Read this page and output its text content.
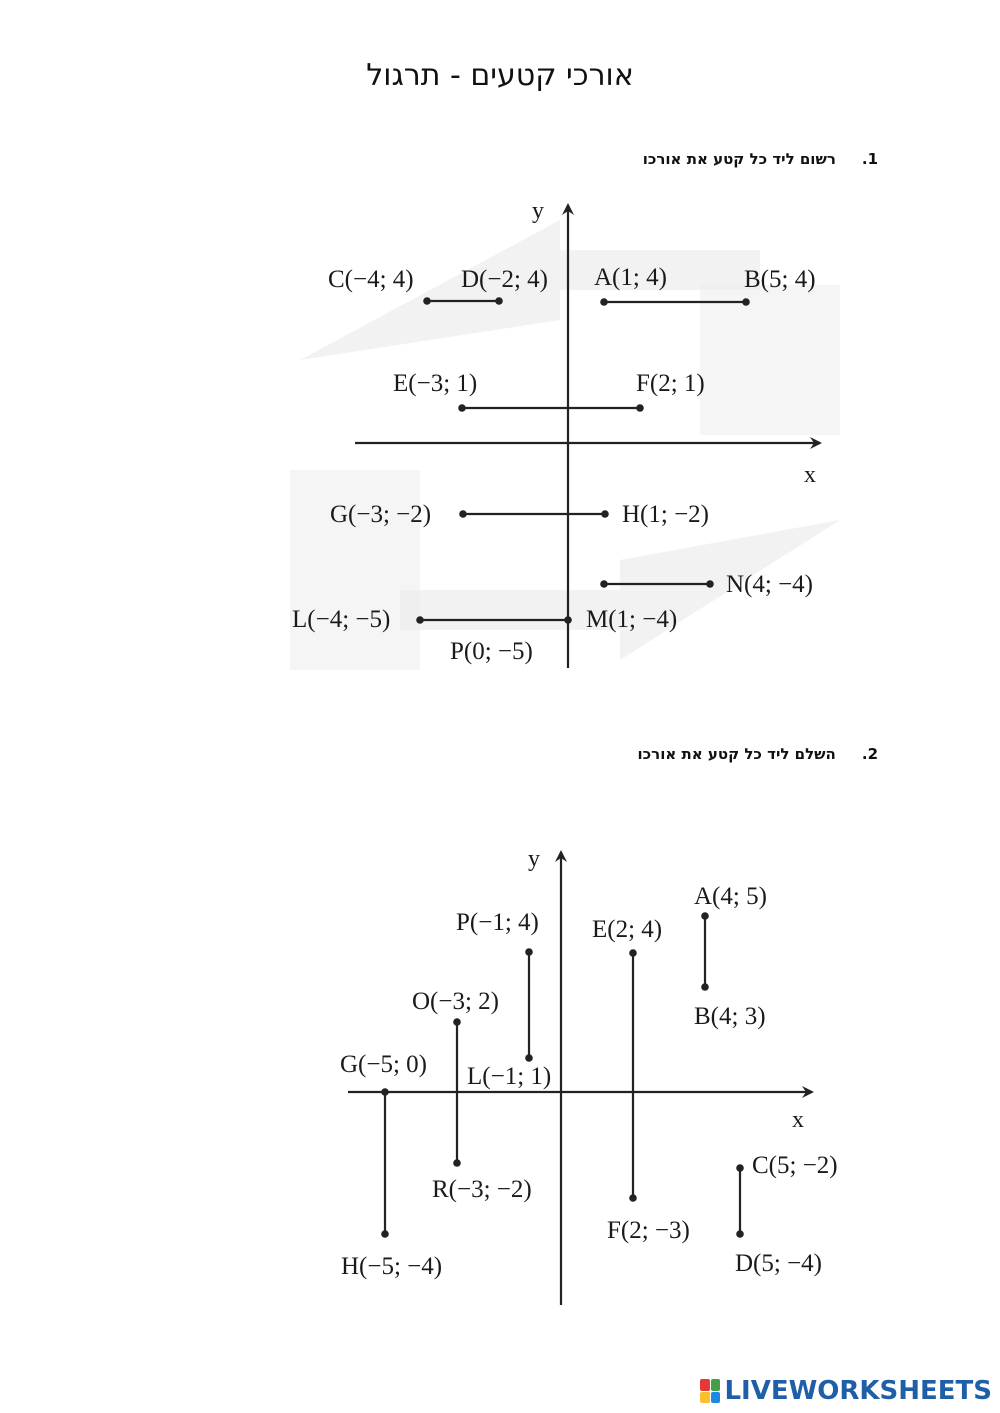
אורכי קטעים - תרגול
1.רשום ליד כל קטע את אורכו
2.השלם ליד כל קטע את אורכו
y
x
C(−4; 4) D(−2; 4) A(1; 4)	B(5; 4)
E(−3; 1)	F(2; 1)
G(−3; −2)	H(1; −2)
N(4; −4)
L(−4; −5)	M(1; −4)
P(0; −5)
y
x
A(4; 5)
B(4; 3)
P(−1; 4)
L(−1; 1)
E(2; 4)
F(2; −3)
O(−3; 2)
R(−3; −2)
G(−5; 0)
H(−5; −4)
C(5; −2)
D(5; −4)
LIVEWORKSHEETS
